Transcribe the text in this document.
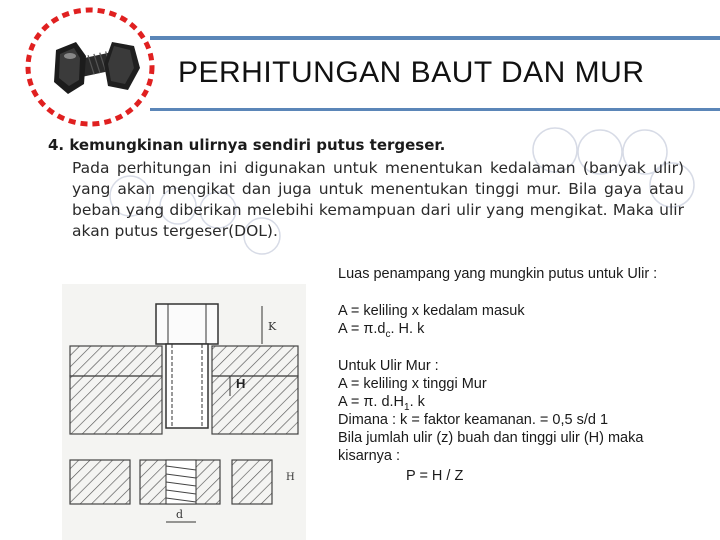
PERHITUNGAN BAUT DAN MUR
4. kemungkinan ulirnya sendiri putus tergeser.
Pada perhitungan ini digunakan untuk menentukan kedalaman (banyak ulir) yang akan mengikat dan juga untuk menentukan tinggi mur. Bila gaya atau beban yang diberikan melebihi kemampuan dari ulir yang mengikat. Maka ulir akan putus tergeser(DOL).
K
H
H
d
Luas penampang yang mungkin putus untuk Ulir :
A = keliling x kedalam masuk
$A = \pi.d_c$. H. k
Untuk Ulir Mur :
A = keliling x tinggi Mur
A = π. $d.H_1$. k
Dimana : k = faktor keamanan. = 0,5 s/d 1
Bila jumlah ulir (z) buah dan tinggi ulir (H) maka
kisarnya :
P = H / Z
